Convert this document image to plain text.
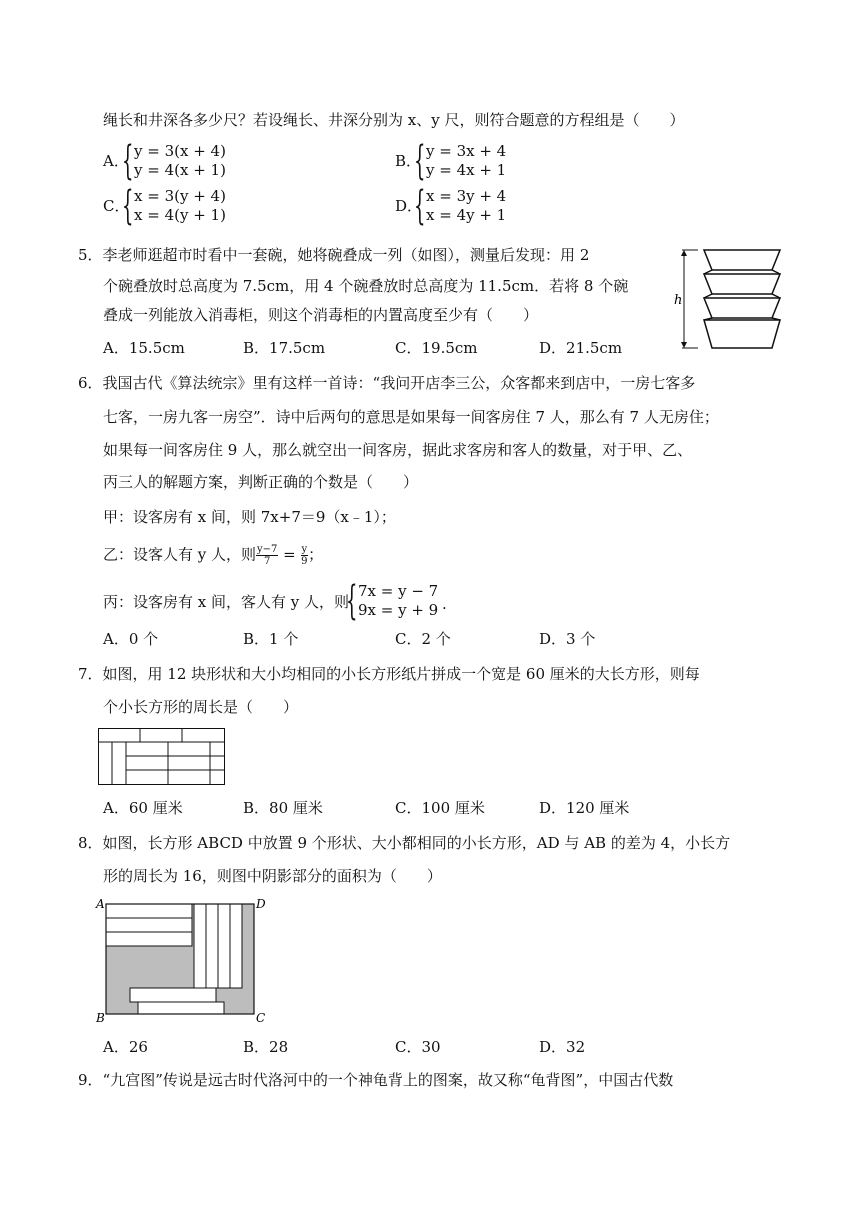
绳长和井深各多少尺？若设绳长、井深分别为 x、y 尺，则符合题意的方程组是（　　）
A．
{ y = 3(x + 4)
y = 4(x + 1)	B．
{ y = 3x + 4
y = 4x + 1
C．
{ x = 3(y + 4)
x = 4(y + 1)	D．
{ x = 3y + 4
x = 4y + 1
5．李老师逛超市时看中一套碗，她将碗叠成一列（如图），测量后发现：用 2
个碗叠放时总高度为 7.5cm，用 4 个碗叠放时总高度为 11.5cm．若将 8 个碗
叠成一列能放入消毒柜，则这个消毒柜的内置高度至少有（　　）
h
A．15.5cm	B．17.5cm	C．19.5cm	D．21.5cm
6．我国古代《算法统宗》里有这样一首诗：“我问开店李三公，众客都来到店中，一房七客多
七客，一房九客一房空”．诗中后两句的意思是如果每一间客房住 7 人，那么有 7 人无房住；
如果每一间客房住 9 人，那么就空出一间客房，据此求客房和客人的数量，对于甲、乙、
丙三人的解题方案，判断正确的个数是（　　）
甲：设客房有 x 间，则 7x+7＝9（x﹣1）；
乙：设客人有 y 人，则 $\frac{y-7}{7} = \frac{y}{9}$ ；
丙：设客房有 x 间，客人有 y 人，则
{ 7x = y − 7
9x = y + 9 .
A．0 个	B．1 个	C．2 个	D．3 个
7．如图，用 12 块形状和大小均相同的小长方形纸片拼成一个宽是 60 厘米的大长方形，则每
个小长方形的周长是（　　）
A．60 厘米	B．80 厘米	C．100 厘米	D．120 厘米
8．如图，长方形 ABCD 中放置 9 个形状、大小都相同的小长方形，AD 与 AB 的差为 4，小长方
形的周长为 16，则图中阴影部分的面积为（　　）
A	D
B	C
A．26	B．28	C．30	D．32
9．“九宫图”传说是远古时代洛河中的一个神龟背上的图案，故又称“龟背图”，中国古代数
